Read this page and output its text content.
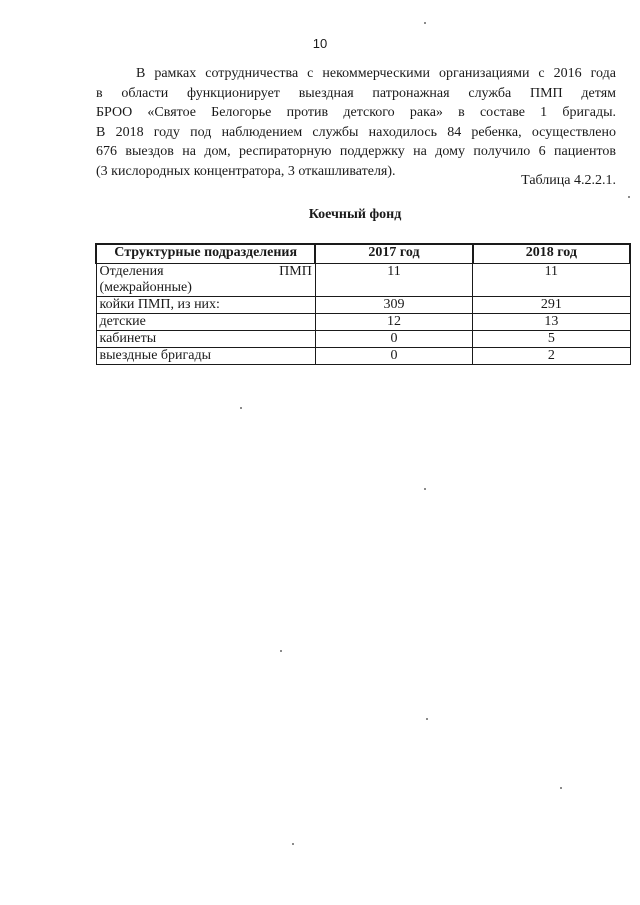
10

В рамках сотрудничества с некоммерческими организациями с 2016 года
в области функционирует выездная патронажная служба ПМП детям
БРОО «Святое Белогорье против детского рака» в составе 1 бригады.
В 2018 году под наблюдением службы находилось 84 ребенка, осуществлено
676 выездов на дом, респираторную поддержку на дому получило 6 пациентов
(3 кислородных концентратора, 3 откашливателя).

Таблица 4.2.2.1.
Коечный фонд
Структурные подразделения	2017 год	2018 год

Отделения ПМП
(межрайонные)	11	11
койки ПМП, из них:	309	291
детские	12	13
кабинеты	0	5
выездные бригады	0	2
